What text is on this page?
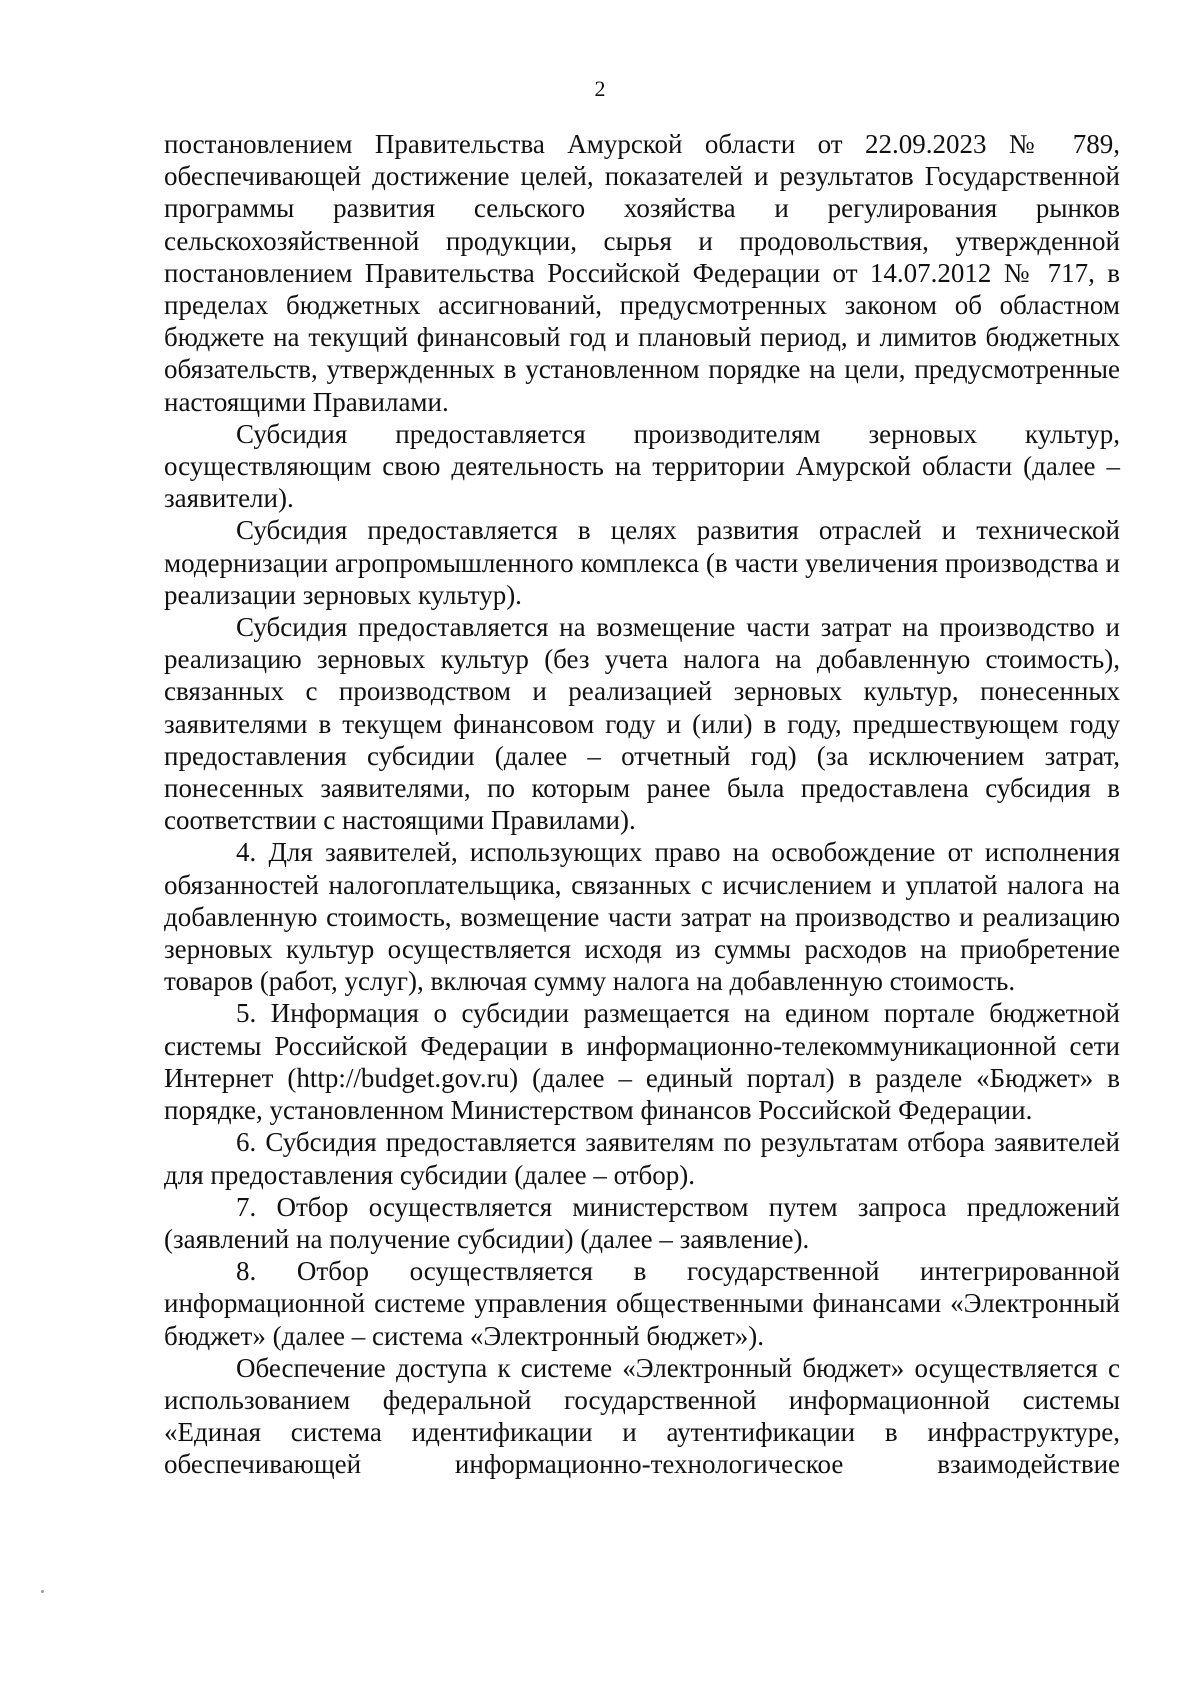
2

постановлением Правительства Амурской области от 22.09.2023 № 789, обеспечивающей достижение целей, показателей и результатов Государственной программы развития сельского хозяйства и регулирования рынков сельскохозяйственной продукции, сырья и продовольствия, утвержденной постановлением Правительства Российской Федерации от 14.07.2012 № 717, в пределах бюджетных ассигнований, предусмотренных законом об областном бюджете на текущий финансовый год и плановый период, и лимитов бюджетных обязательств, утвержденных в установленном порядке на цели, предусмотренные настоящими Правилами.

Субсидия предоставляется производителям зерновых культур, осуществляющим свою деятельность на территории Амурской области (далее – заявители).

Субсидия предоставляется в целях развития отраслей и технической модернизации агропромышленного комплекса (в части увеличения производства и реализации зерновых культур).

Субсидия предоставляется на возмещение части затрат на производство и реализацию зерновых культур (без учета налога на добавленную стоимость), связанных с производством и реализацией зерновых культур, понесенных заявителями в текущем финансовом году и (или) в году, предшествующем году предоставления субсидии (далее – отчетный год) (за исключением затрат, понесенных заявителями, по которым ранее была предоставлена субсидия в соответствии с настоящими Правилами).

4. Для заявителей, использующих право на освобождение от исполнения обязанностей налогоплательщика, связанных с исчислением и уплатой налога на добавленную стоимость, возмещение части затрат на производство и реализацию зерновых культур осуществляется исходя из суммы расходов на приобретение товаров (работ, услуг), включая сумму налога на добавленную стоимость.

5. Информация о субсидии размещается на едином портале бюджетной системы Российской Федерации в информационно-телекоммуникационной сети Интернет (http://budget.gov.ru) (далее – единый портал) в разделе «Бюджет» в порядке, установленном Министерством финансов Российской Федерации.

6. Субсидия предоставляется заявителям по результатам отбора заявителей для предоставления субсидии (далее – отбор).

7. Отбор осуществляется министерством путем запроса предложений (заявлений на получение субсидии) (далее – заявление).

8. Отбор осуществляется в государственной интегрированной информационной системе управления общественными финансами «Электронный бюджет» (далее – система «Электронный бюджет»).

Обеспечение доступа к системе «Электронный бюджет» осуществляется с использованием федеральной государственной информационной системы «Единая система идентификации и аутентификации в инфраструктуре, обеспечивающей информационно-технологическое взаимодействие
